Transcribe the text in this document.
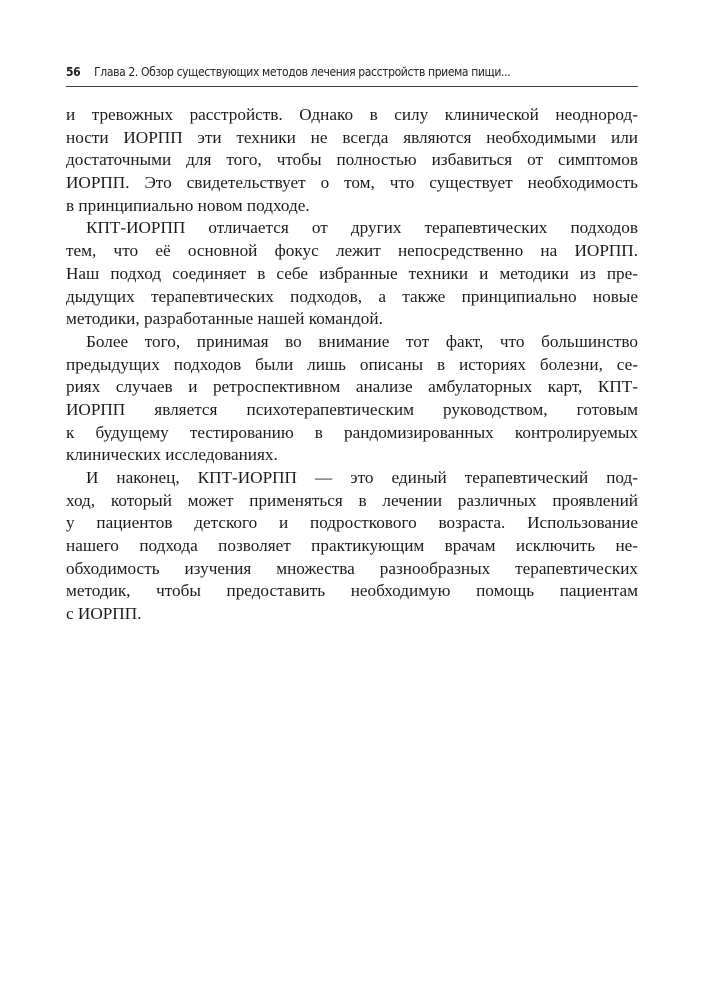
56 Глава 2. Обзор существующих методов лечения расстройств приема пищи...
и тревожных расстройств. Однако в силу клинической неоднород-
ности ИОРПП эти техники не всегда являются необходимыми или
достаточными для того, чтобы полностью избавиться от симптомов
ИОРПП. Это свидетельствует о том, что существует необходимость
в принципиально новом подходе.
КПТ-ИОРПП отличается от других терапевтических подходов
тем, что её основной фокус лежит непосредственно на ИОРПП.
Наш подход соединяет в себе избранные техники и методики из пре-
дыдущих терапевтических подходов, а также принципиально новые
методики, разработанные нашей командой.
Более того, принимая во внимание тот факт, что большинство
предыдущих подходов были лишь описаны в историях болезни, се-
риях случаев и ретроспективном анализе амбулаторных карт, КПТ-
ИОРПП является психотерапевтическим руководством, готовым
к будущему тестированию в рандомизированных контролируемых
клинических исследованиях.
И наконец, КПТ-ИОРПП — это единый терапевтический под-
ход, который может применяться в лечении различных проявлений
у пациентов детского и подросткового возраста. Использование
нашего подхода позволяет практикующим врачам исключить не-
обходимость изучения множества разнообразных терапевтических
методик, чтобы предоставить необходимую помощь пациентам
с ИОРПП.
